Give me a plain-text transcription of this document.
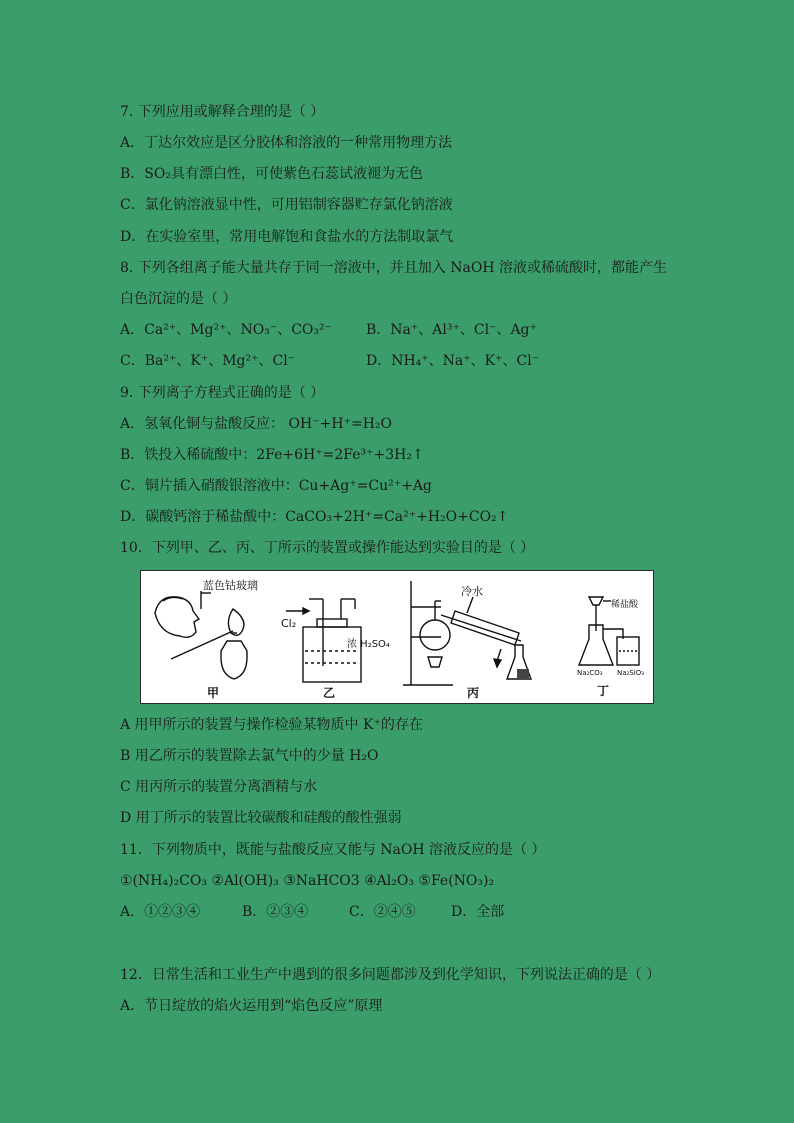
7. 下列应用或解释合理的是（ ）
A．丁达尔效应是区分胶体和溶液的一种常用物理方法
B．SO₂具有漂白性，可使紫色石蕊试液褪为无色
C．氯化钠溶液显中性，可用铝制容器贮存氯化钠溶液
D．在实验室里，常用电解饱和食盐水的方法制取氯气
8. 下列各组离子能大量共存于同一溶液中，并且加入 NaOH 溶液或稀硫酸时，都能产生
白色沉淀的是（ ）
A．Ca²⁺、Mg²⁺、NO₃⁻、CO₃²⁻ B．Na⁺、Al³⁺、Cl⁻、Ag⁺
C．Ba²⁺、K⁺、Mg²⁺、Cl⁻	D．NH₄⁺、Na⁺、K⁺、Cl⁻
9. 下列离子方程式正确的是（ ）
A．氢氧化铜与盐酸反应： OH⁻+H⁺=H₂O
B．铁投入稀硫酸中：2Fe+6H⁺=2Fe³⁺+3H₂↑
C．铜片插入硝酸银溶液中：Cu+Ag⁺=Cu²⁺+Ag
D．碳酸钙溶于稀盐酸中：CaCO₃+2H⁺=Ca²⁺+H₂O+CO₂↑
10．下列甲、乙、丙、丁所示的装置或操作能达到实验目的是（ ）
蓝色钴玻璃
Cl₂
浓 H₂SO₄
冷水
稀盐酸
Na₂CO₃ Na₂SiO₃
甲	乙	丙	丁
A 用甲所示的装置与操作检验某物质中 K⁺的存在
B 用乙所示的装置除去氯气中的少量 H₂O
C 用丙所示的装置分离酒精与水
D 用丁所示的装置比较碳酸和硅酸的酸性强弱
11．下列物质中，既能与盐酸反应又能与 NaOH 溶液反应的是（ ）
①(NH₄)₂CO₃ ②Al(OH)₃ ③NaHCO3 ④Al₂O₃ ⑤Fe(NO₃)₂
A．①②③④	B．②③④	C．②④⑤	D．全部
12．日常生活和工业生产中遇到的很多问题都涉及到化学知识，下列说法正确的是（ ）
A．节日绽放的焰火运用到“焰色反应”原理
